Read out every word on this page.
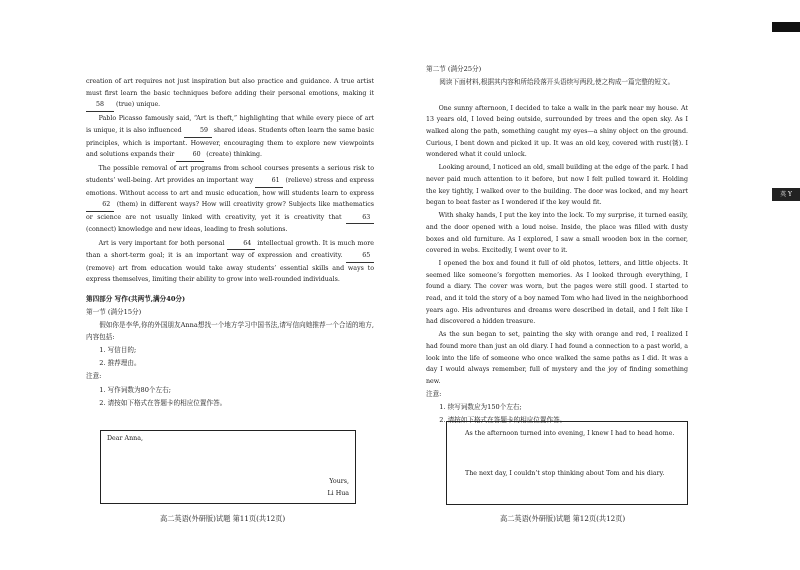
creation of art requires not just inspiration but also practice and guidance. A true artist must first learn the basic techniques before adding their personal emotions, making it 58 (true) unique.

Pablo Picasso famously said, “Art is theft,” highlighting that while every piece of art is unique, it is also influenced	59 shared ideas. Students often learn the same basic principles, which is important. However, encouraging them to explore new viewpoints and solutions expands their	60 (create) thinking.

The possible removal of art programs from school courses presents a serious risk to students’ well-being. Art provides an important way	61 (relieve) stress and express emotions. Without access to art and music education, how will students learn to express 62 (them) in different ways? How will creativity grow? Subjects like mathematics or science are not usually linked with creativity, yet it is creativity that	63 (connect) knowledge and new ideas, leading to fresh solutions.

Art is very important for both personal	64 intellectual growth. It is much more than a short-term goal; it is an important way of expression and creativity.	65 (remove) art from education would take away students’ essential skills and ways to express themselves, limiting their ability to grow into well-rounded individuals.

第四部分 写作(共两节,满分40分)

第一节 (满分15分)

假如你是李华,你的外国朋友Anna想找一个地方学习中国书法,请写信向她推荐一个合适的地方,内容包括:

1. 写信目的;

2. 推荐理由。

注意:

1. 写作词数为80个左右;

2. 请按如下格式在答题卡的相应位置作答。

Dear Anna,
Yours,
Li Hua
高二英语(外研版)试题 第11页(共12页)

第二节 (满分25分)

阅读下面材料,根据其内容和所给段落开头语续写两段,使之构成一篇完整的短文。

One sunny afternoon, I decided to take a walk in the park near my house. At 13 years old, I loved being outside, surrounded by trees and the open sky. As I walked along the path, something caught my eyes—a shiny object on the ground. Curious, I bent down and picked it up. It was an old key, covered with rust(锈). I wondered what it could unlock.

Looking around, I noticed an old, small building at the edge of the park. I had never paid much attention to it before, but now I felt pulled toward it. Holding the key tightly, I walked over to the building. The door was locked, and my heart began to beat faster as I wondered if the key would fit.

With shaky hands, I put the key into the lock. To my surprise, it turned easily, and the door opened with a loud noise. Inside, the place was filled with dusty boxes and old furniture. As I explored, I saw a small wooden box in the corner, covered in webs. Excitedly, I went over to it.

I opened the box and found it full of old photos, letters, and little objects. It seemed like someone’s forgotten memories. As I looked through everything, I found a diary. The cover was worn, but the pages were still good. I started to read, and it told the story of a boy named Tom who had lived in the neighborhood years ago. His adventures and dreams were described in detail, and I felt like I had discovered a hidden treasure.

As the sun began to set, painting the sky with orange and red, I realized I had found more than just an old diary. I had found a connection to a past world, a look into the life of someone who once walked the same paths as I did. It was a day I would always remember, full of mystery and the joy of finding something new.

注意:

1. 续写词数应为150个左右;

2. 请按如下格式在答题卡的相应位置作答。

As the afternoon turned into evening, I knew I had to head home.
The next day, I couldn’t stop thinking about Tom and his diary.
高二英语(外研版)试题 第12页(共12页)
英 Y
